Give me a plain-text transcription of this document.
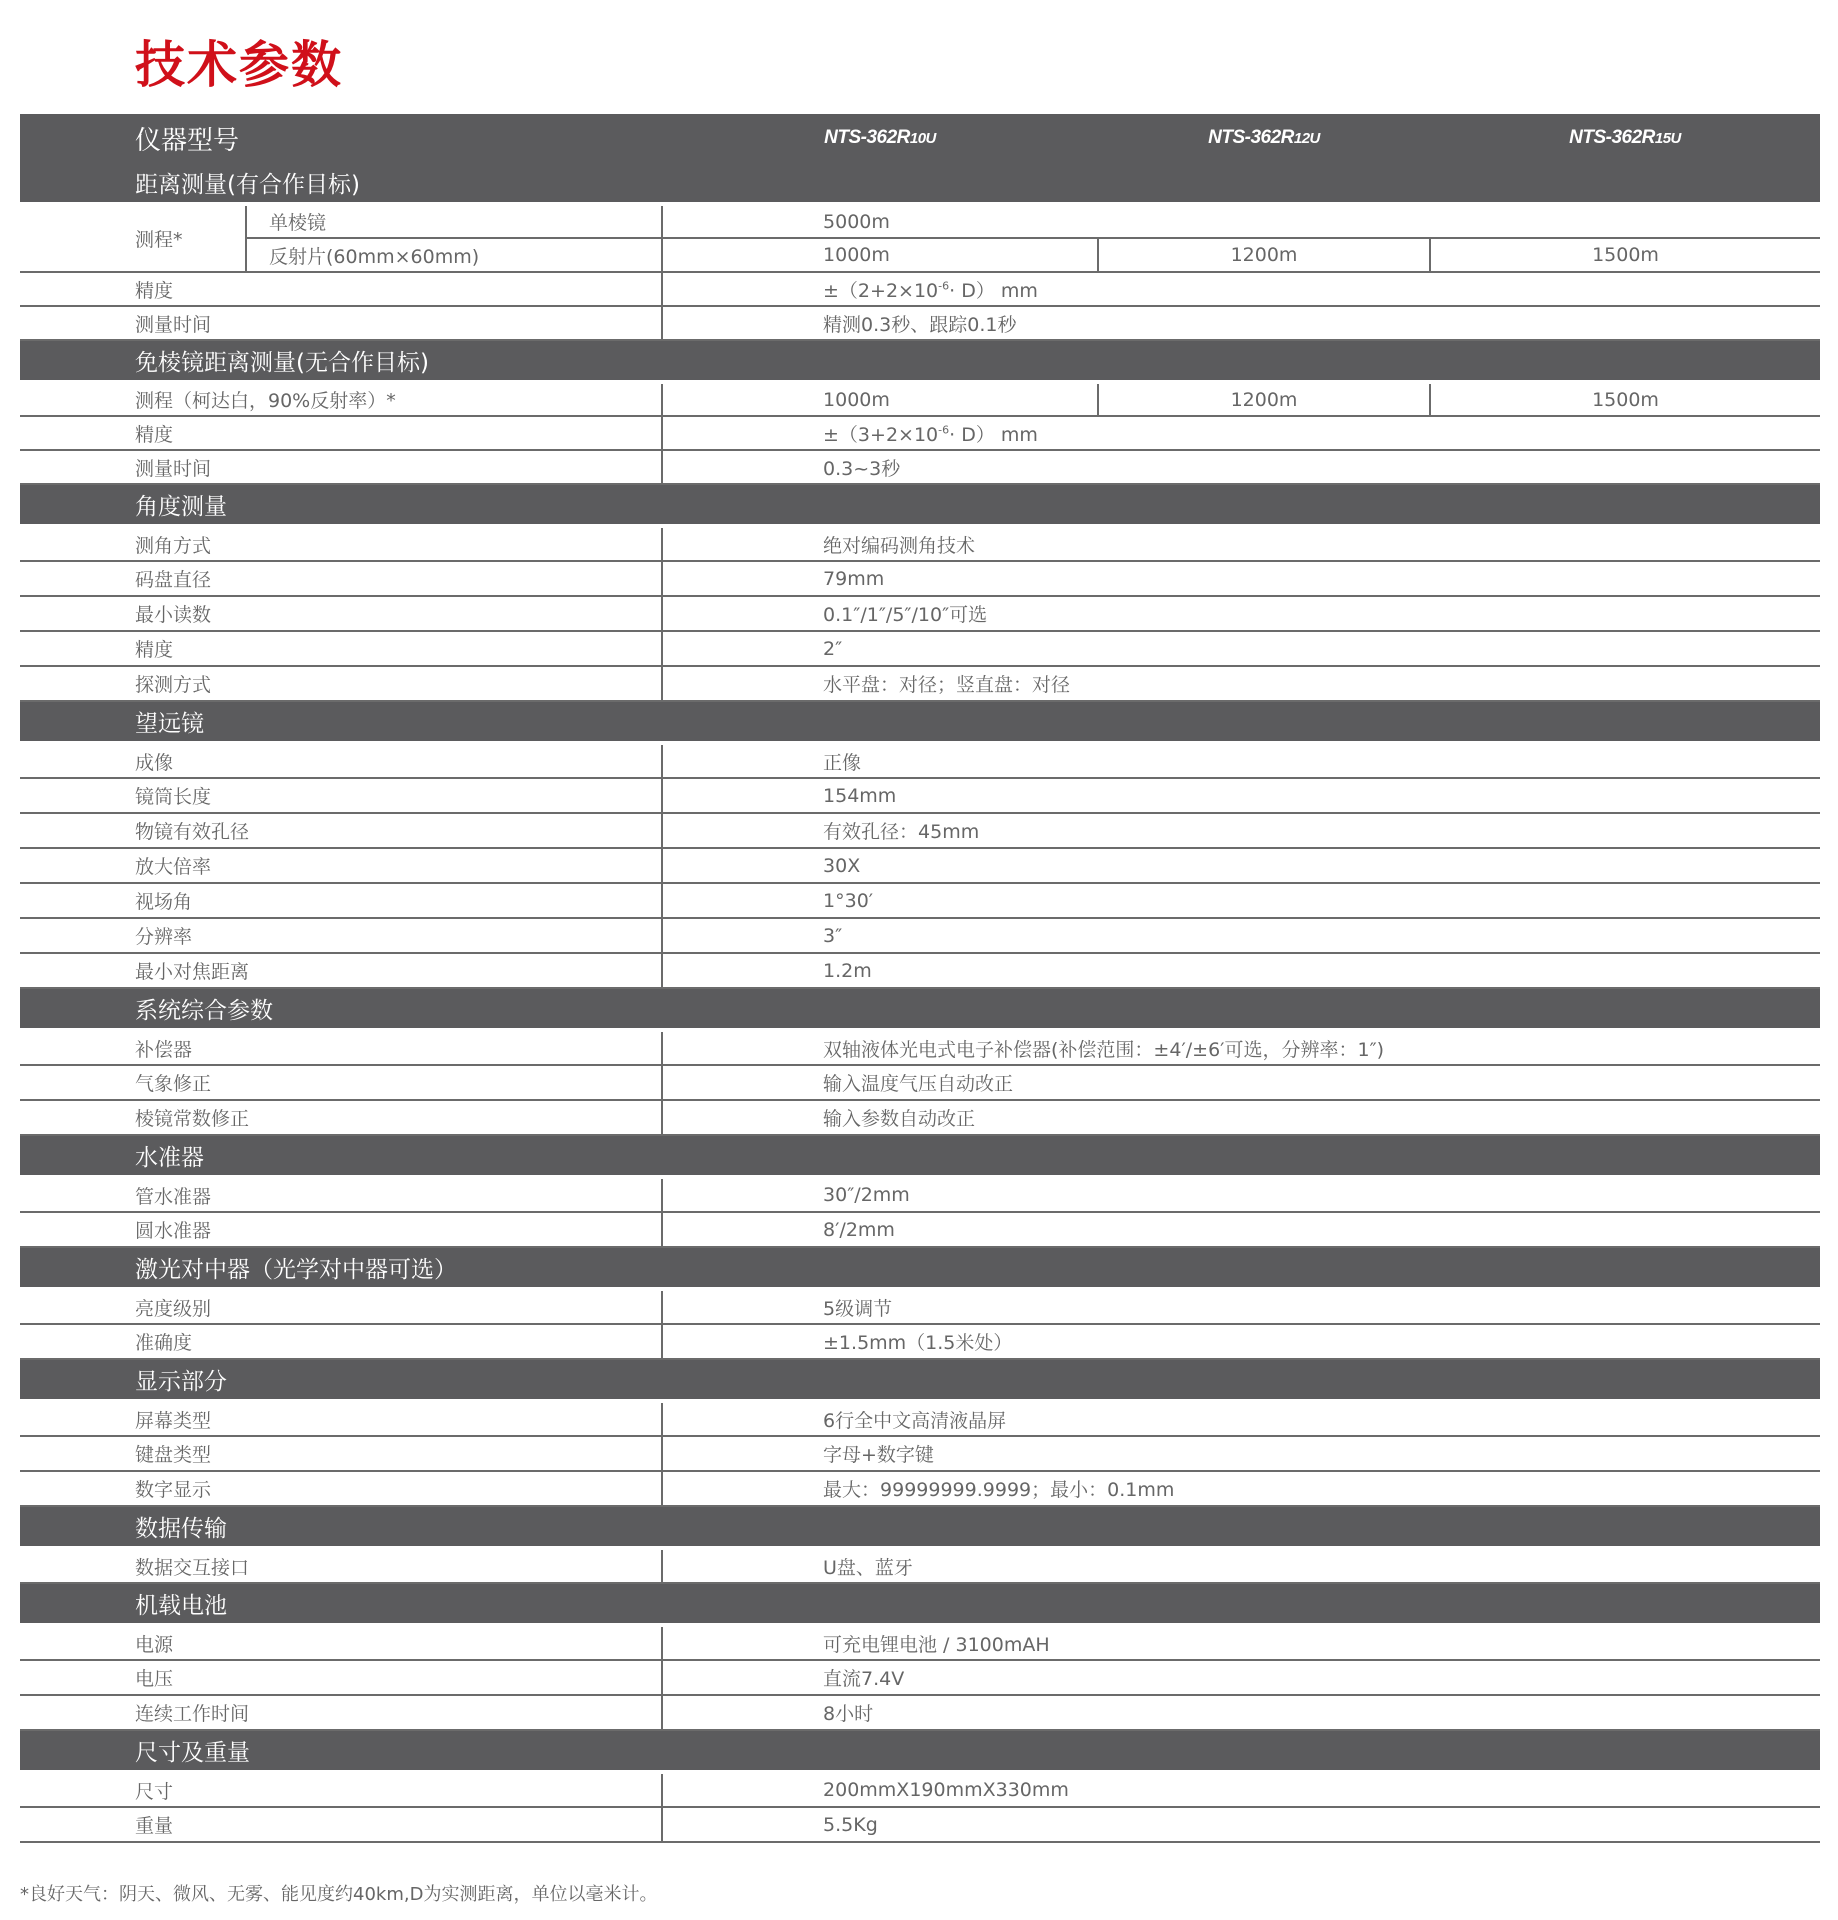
技术参数
仪器型号		NTS-362R10U	NTS-362R12U	NTS-362R15U
距离测量(有合作目标)				
测程*	单棱镜	5000m		
	反射片(60mm×60mm)	1000m	1200m	1500m
精度		$\pm(2+2\times 10^{-6}\cdot D)$ mm		
测量时间		精测0.3秒、跟踪0.1秒		
免棱镜距离测量(无合作目标)				
测程（柯达白，90%反射率）*		1000m	1200m	1500m
精度		$\pm(3+2\times 10^{-6}\cdot D)$ mm		
测量时间		0.3~3秒		
角度测量				
测角方式		绝对编码测角技术		
码盘直径		79mm		
最小读数		0.1″/1″/5″/10″可选		
精度		2″		
探测方式		水平盘：对径；竖直盘：对径		
望远镜				
成像		正像		
镜筒长度		154mm		
物镜有效孔径		有效孔径：45mm		
放大倍率		30X		
视场角		1°30′		
分辨率		3″		
最小对焦距离		1.2m		
系统综合参数				
补偿器		双轴液体光电式电子补偿器(补偿范围：±4′/±6′可选，分辨率：1″)		
气象修正		输入温度气压自动改正		
棱镜常数修正		输入参数自动改正		
水准器				
管水准器		30″/2mm		
圆水准器		8′/2mm		
激光对中器（光学对中器可选）				
亮度级别		5级调节		
准确度		±1.5mm（1.5米处）		
显示部分				
屏幕类型		6行全中文高清液晶屏		
键盘类型		字母+数字键		
数字显示		最大：99999999.9999；最小：0.1mm		
数据传输				
数据交互接口		U盘、蓝牙		
机载电池				
电源		可充电锂电池 / 3100mAH		
电压		直流7.4V		
连续工作时间		8小时		
尺寸及重量				
尺寸		200mmX190mmX330mm		
重量		5.5Kg		
*良好天气：阴天、微风、无雾、能见度约40km,D为实测距离，单位以毫米计。
